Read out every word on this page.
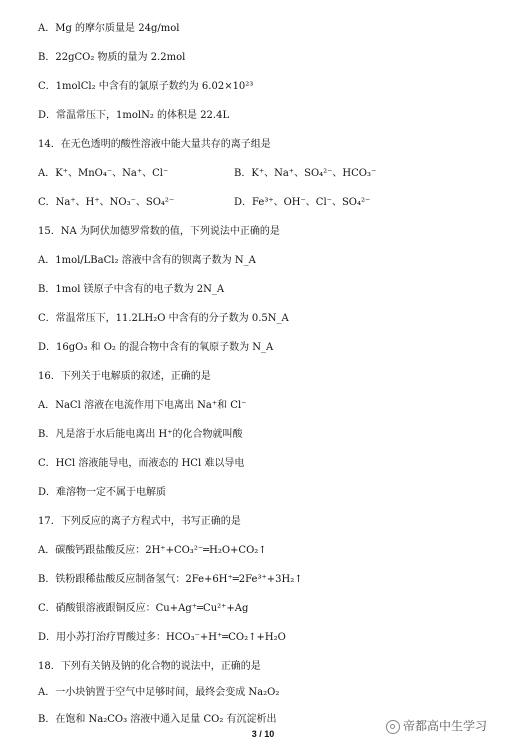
A．Mg 的摩尔质量是 24g/mol
B．22gCO₂ 物质的量为 2.2mol
C．1molCl₂ 中含有的氯原子数约为 6.02×10²³
D．常温常压下，1molN₂ 的体积是 22.4L
14．在无色透明的酸性溶液中能大量共存的离子组是
A．K⁺、MnO₄⁻、Na⁺、Cl⁻
C．Na⁺、H⁺、NO₃⁻、SO₄²⁻
15．NA 为阿伏加德罗常数的值，下列说法中正确的是
A．1mol/LBaCl₂ 溶液中含有的钡离子数为 N_A
B．1mol 镁原子中含有的电子数为 2N_A
C．常温常压下，11.2LH₂O 中含有的分子数为 0.5N_A
D．16gO₃ 和 O₂ 的混合物中含有的氧原子数为 N_A
16．下列关于电解质的叙述，正确的是
A．NaCl 溶液在电流作用下电离出 Na⁺和 Cl⁻
B．凡是溶于水后能电离出 H⁺的化合物就叫酸
C．HCl 溶液能导电，而液态的 HCl 难以导电
D．难溶物一定不属于电解质
17．下列反应的离子方程式中，书写正确的是
A．碳酸钙跟盐酸反应：2H⁺+CO₃²⁻═H₂O+CO₂↑
B．铁粉跟稀盐酸反应制备氢气：2Fe+6H⁺═2Fe³⁺+3H₂↑
C．硝酸银溶液跟铜反应：Cu+Ag⁺═Cu²⁺+Ag
D．用小苏打治疗胃酸过多：HCO₃⁻+H⁺═CO₂↑+H₂O
18．下列有关钠及钠的化合物的说法中，正确的是
A．一小块钠置于空气中足够时间，最终会变成 Na₂O₂
B．在饱和 Na₂CO₃ 溶液中通入足量 CO₂ 有沉淀析出
B．K⁺、Na⁺、SO₄²⁻、HCO₃⁻
D．Fe³⁺、OH⁻、Cl⁻、SO₄²⁻
帝都高中生学习
3 / 10
